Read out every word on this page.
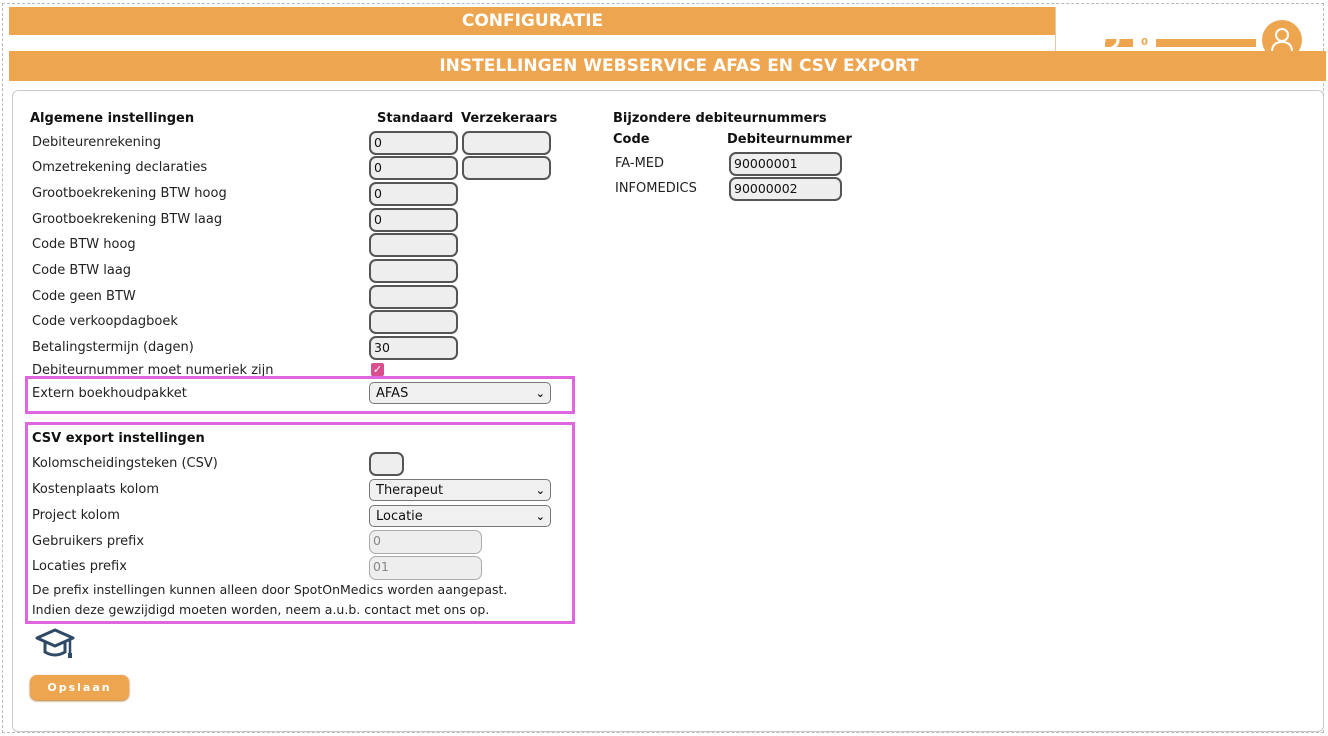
CONFIGURATIE
0
INSTELLINGEN WEBSERVICE AFAS EN CSV EXPORT
Algemene instellingen	Standaard Verzekeraars
Debiteurenrekening	0
Omzetrekening declaraties	0
Grootboekrekening BTW hoog	0
Grootboekrekening BTW laag	0
Code BTW hoog
Code BTW laag
Code geen BTW
Code verkoopdagboek
Betalingstermijn (dagen)	30
Debiteurnummer moet numeriek zijn	✓
Extern boekhoudpakket	AFAS	⌄
Bijzondere debiteurnummers
Code	Debiteurnummer
FA-MED	90000001
INFOMEDICS	90000002
CSV export instellingen
Kolomscheidingsteken (CSV)
Kostenplaats kolom	Therapeut	⌄
Project kolom	Locatie	⌄
Gebruikers prefix	0
Locaties prefix	01
De prefix instellingen kunnen alleen door SpotOnMedics worden aangepast.
Indien deze gewzijdigd moeten worden, neem a.u.b. contact met ons op.
Opslaan
